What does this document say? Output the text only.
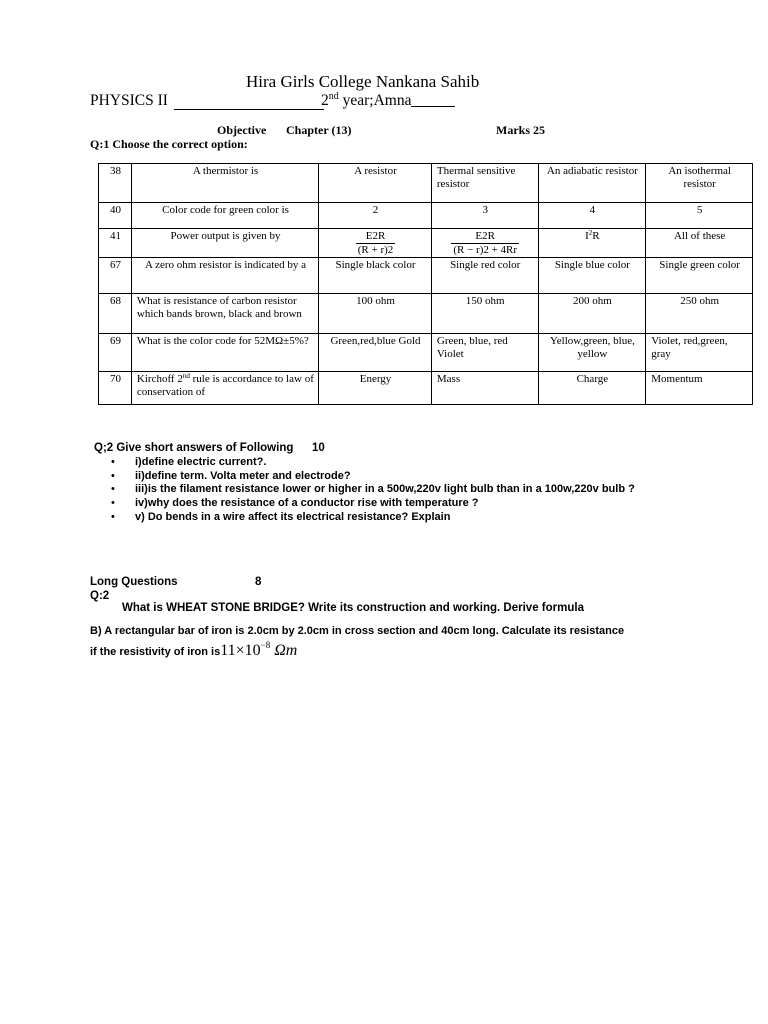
Hira Girls College Nankana Sahib
PHYSICS II	2nd year;Amna
Objective Chapter (13)	Marks 25
Q:1 Choose the correct option:
38	A thermistor is	A resistor	Thermal sensitive resistor	An adiabatic resistor	An isothermal resistor
40	Color code for green color is	2	3	4	5
41	Power output is given by	$\frac{E2R}{(R + r)2}$	$\frac{E2R}{(R - r)2 + 4Rr}$	$I^2R$	All of these
67	A zero ohm resistor is indicated by a	Single black color	Single red color	Single blue color	Single green color
68	What is resistance of carbon resistor which bands brown, black and brown	100 ohm	150 ohm	200 ohm	250 ohm
69	What is the color code for 52MΩ±5%?	Green,red,blue Gold	Green, blue, red Violet	Yellow,green, blue, yellow	Violet, red,green, gray
70	Kirchoff 2nd rule is accordance to law of conservation of	Energy	Mass	Charge	Momentum
Q;2 Give short answers of Following 10
• i)define electric current?.
• ii)define term. Volta meter and electrode?
• iii)is the filament resistance lower or higher in a 500w,220v light bulb than in a 100w,220v bulb ?
• iv)why does the resistance of a conductor rise with temperature ?
• v) Do bends in a wire affect its electrical resistance? Explain
Long Questions	8
Q:2
What is WHEAT STONE BRIDGE? Write its construction and working. Derive formula
B) A rectangular bar of iron is 2.0cm by 2.0cm in cross section and 40cm long. Calculate its resistance
if the resistivity of iron $is11\times 10^{-8}$ Ωm
